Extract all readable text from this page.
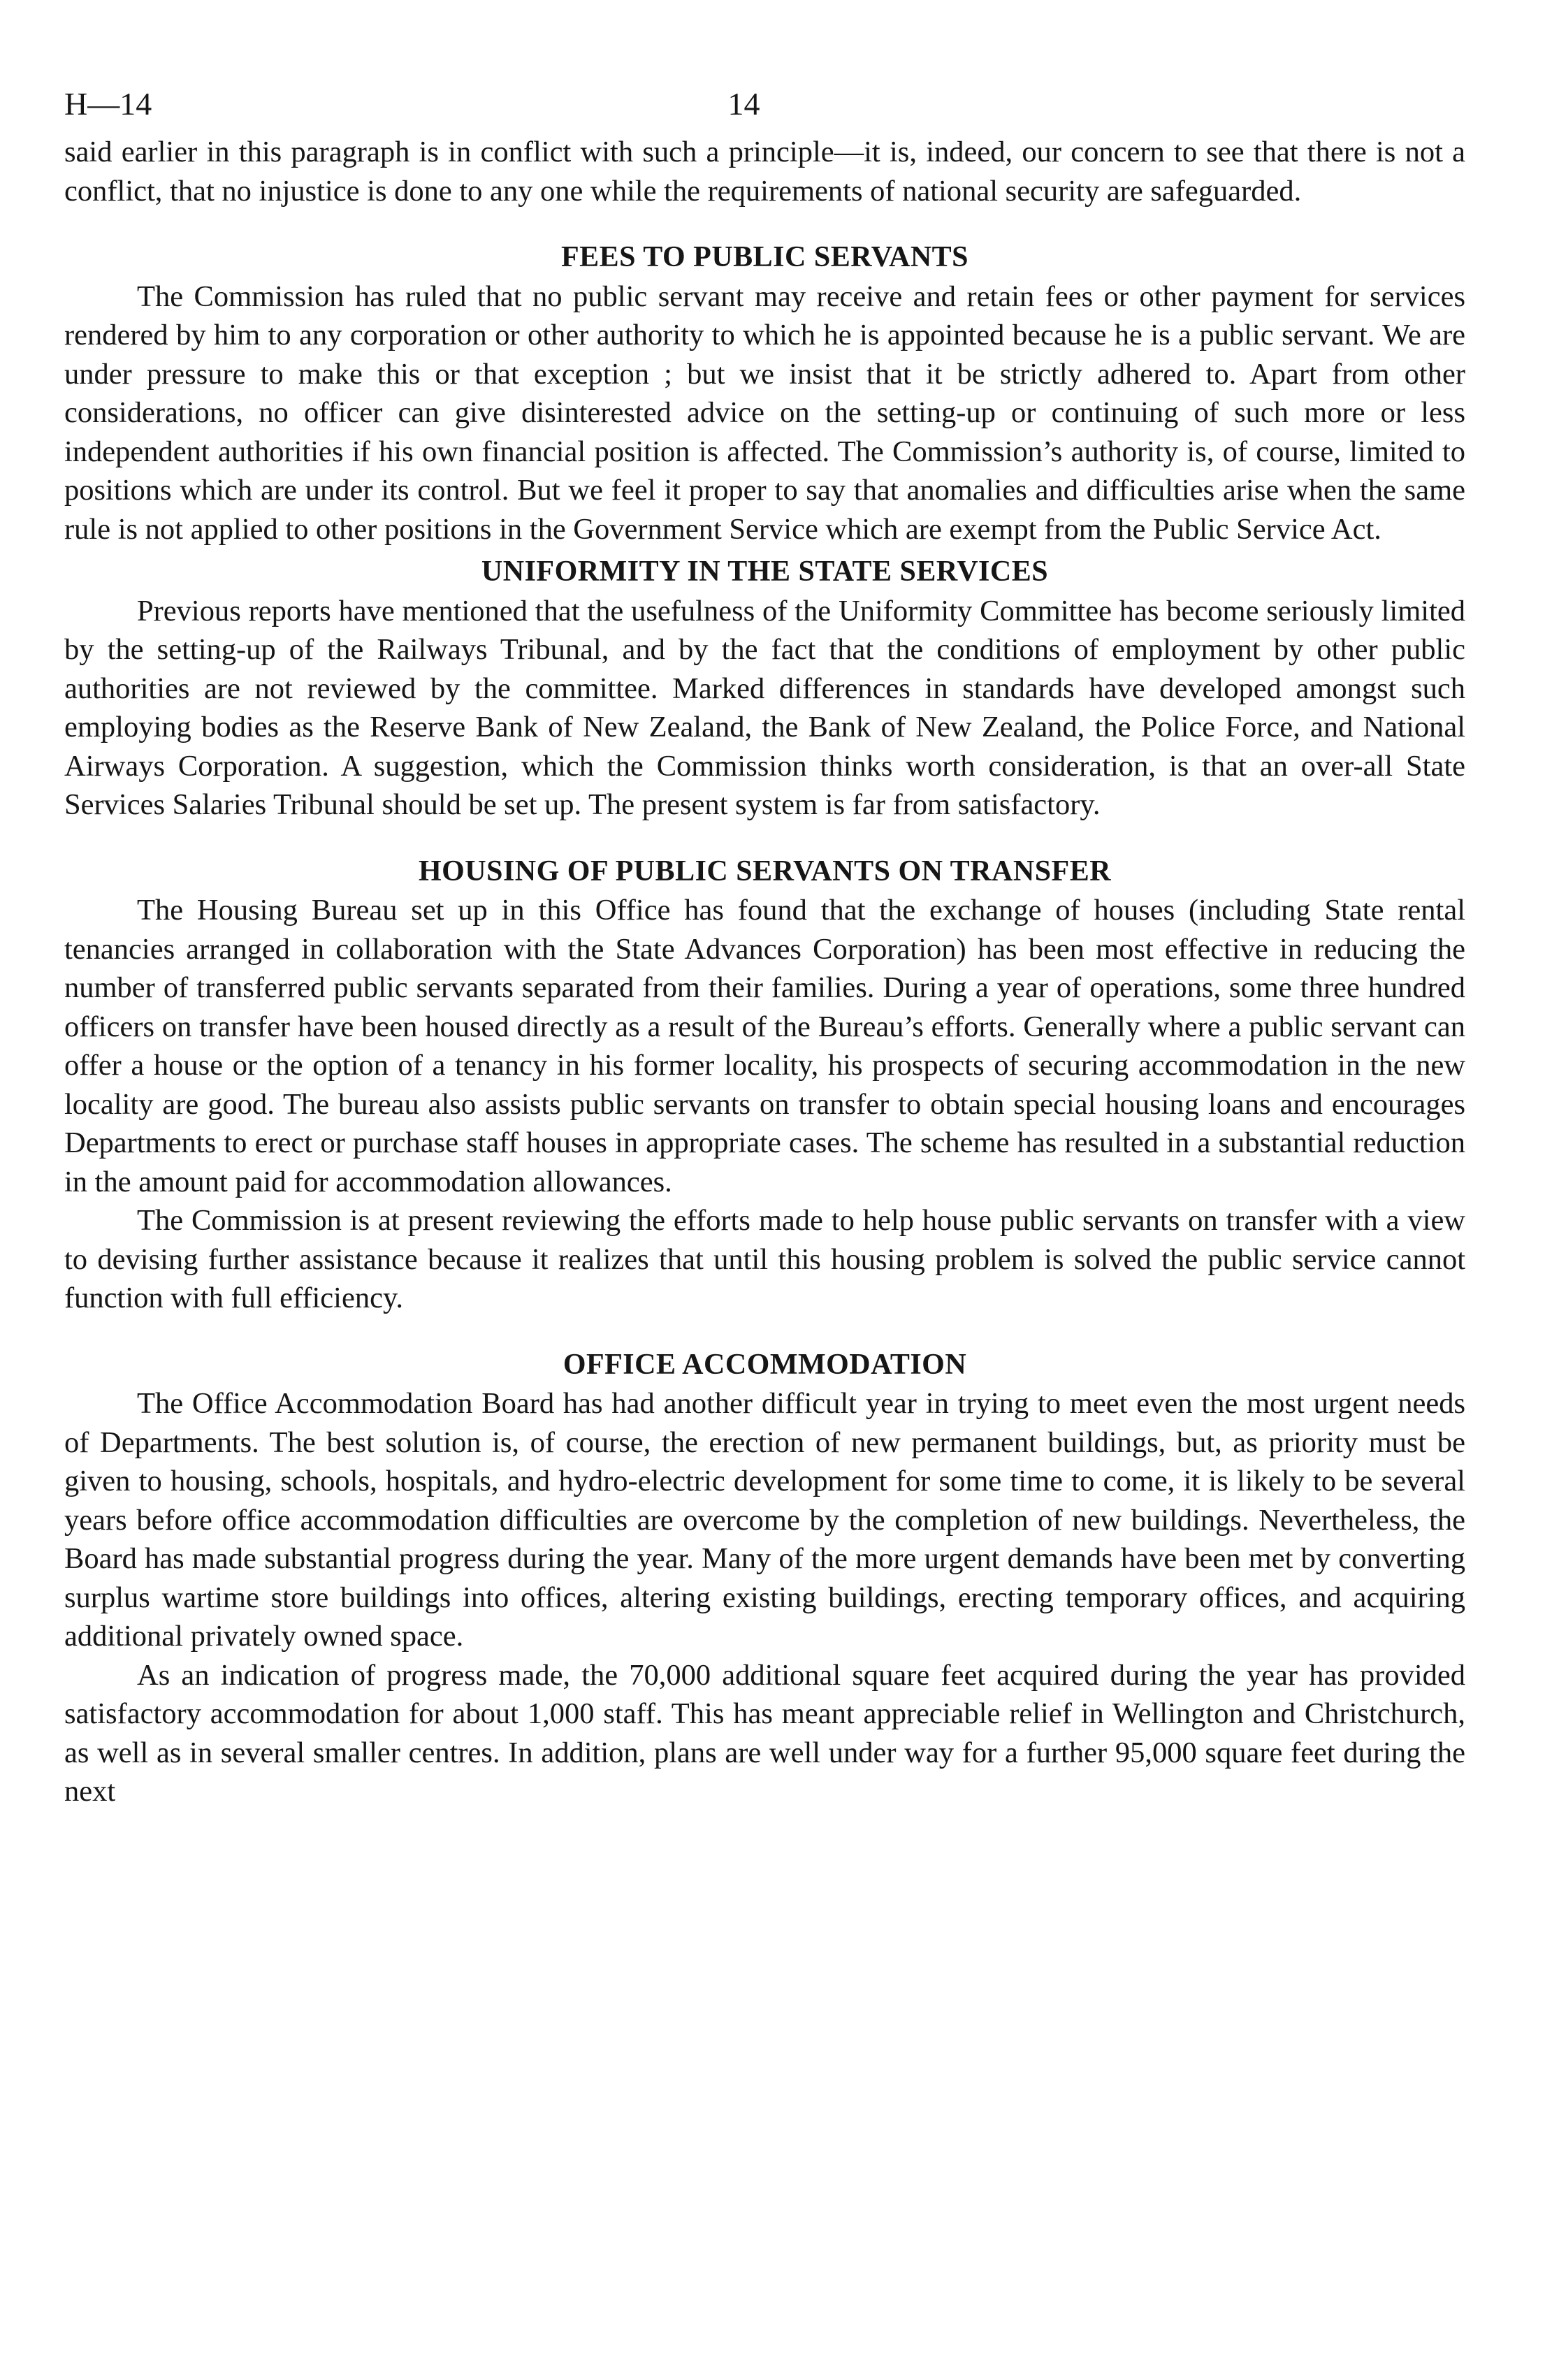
H—14	14

said earlier in this paragraph is in conflict with such a principle—it is, indeed, our concern to see that there is not a conflict, that no injustice is done to any one while the requirements of national security are safeguarded.

FEES TO PUBLIC SERVANTS

The Commission has ruled that no public servant may receive and retain fees or other payment for services rendered by him to any corporation or other authority to which he is appointed because he is a public servant. We are under pressure to make this or that exception ; but we insist that it be strictly adhered to. Apart from other considerations, no officer can give disinterested advice on the setting-up or continuing of such more or less independent authorities if his own financial position is affected. The Commission’s authority is, of course, limited to positions which are under its control. But we feel it proper to say that anomalies and difficulties arise when the same rule is not applied to other positions in the Government Service which are exempt from the Public Service Act.

UNIFORMITY IN THE STATE SERVICES

Previous reports have mentioned that the usefulness of the Uniformity Committee has become seriously limited by the setting-up of the Railways Tribunal, and by the fact that the conditions of employment by other public authorities are not reviewed by the committee. Marked differences in standards have developed amongst such employing bodies as the Reserve Bank of New Zealand, the Bank of New Zealand, the Police Force, and National Airways Corporation. A suggestion, which the Commission thinks worth consideration, is that an over-all State Services Salaries Tribunal should be set up. The present system is far from satisfactory.

HOUSING OF PUBLIC SERVANTS ON TRANSFER

The Housing Bureau set up in this Office has found that the exchange of houses (including State rental tenancies arranged in collaboration with the State Advances Corporation) has been most effective in reducing the number of transferred public servants separated from their families. During a year of operations, some three hundred officers on transfer have been housed directly as a result of the Bureau’s efforts. Generally where a public servant can offer a house or the option of a tenancy in his former locality, his prospects of securing accommodation in the new locality are good. The bureau also assists public servants on transfer to obtain special housing loans and encourages Departments to erect or purchase staff houses in appropriate cases. The scheme has resulted in a substantial reduction in the amount paid for accommodation allowances.

The Commission is at present reviewing the efforts made to help house public servants on transfer with a view to devising further assistance because it realizes that until this housing problem is solved the public service cannot function with full efficiency.

OFFICE ACCOMMODATION

The Office Accommodation Board has had another difficult year in trying to meet even the most urgent needs of Departments. The best solution is, of course, the erection of new permanent buildings, but, as priority must be given to housing, schools, hospitals, and hydro-electric development for some time to come, it is likely to be several years before office accommodation difficulties are overcome by the completion of new buildings. Nevertheless, the Board has made substantial progress during the year. Many of the more urgent demands have been met by converting surplus wartime store buildings into offices, altering existing buildings, erecting temporary offices, and acquiring additional privately owned space.

As an indication of progress made, the 70,000 additional square feet acquired during the year has provided satisfactory accommodation for about 1,000 staff. This has meant appreciable relief in Wellington and Christchurch, as well as in several smaller centres. In addition, plans are well under way for a further 95,000 square feet during the next
